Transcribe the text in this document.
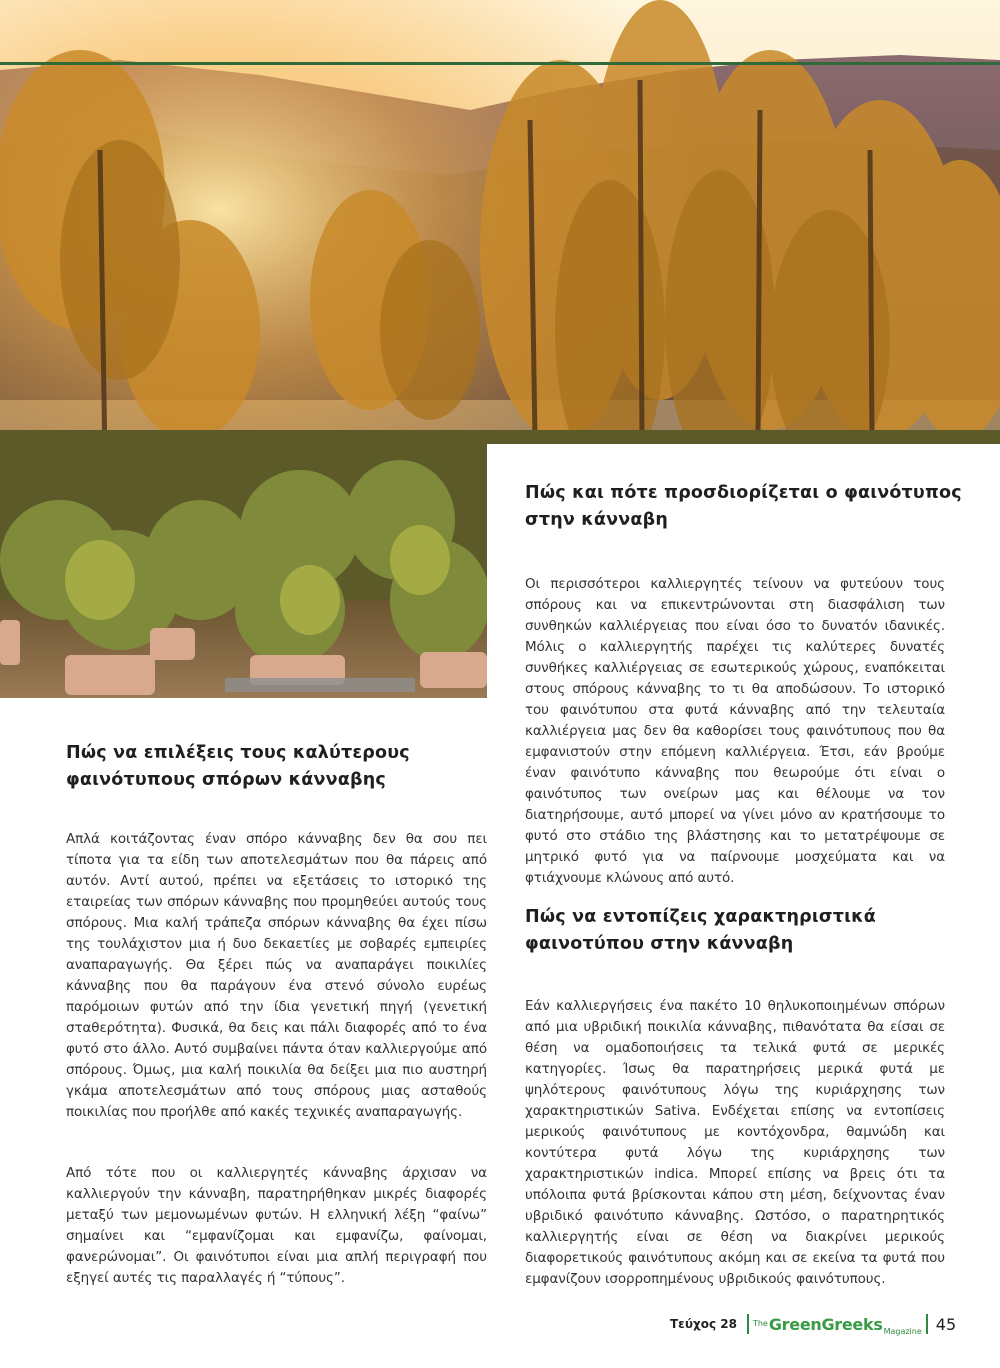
Πώς να επιλέξεις τους καλύτερους φαινότυπους σπόρων κάνναβης

Απλά κοιτάζοντας έναν σπόρο κάνναβης δεν θα σου πει τίποτα για τα είδη των αποτελεσμάτων που θα πάρεις από αυτόν. Αντί αυτού, πρέπει να εξετάσεις το ιστορικό της εταιρείας των σπόρων κάνναβης που προμηθεύει αυτούς τους σπόρους. Μια καλή τράπεζα σπόρων κάνναβης θα έχει πίσω της τουλάχιστον μια ή δυο δεκαετίες με σοβαρές εμπειρίες αναπαραγωγής. Θα ξέρει πώς να αναπαράγει ποικιλίες κάνναβης που θα παράγουν ένα στενό σύνολο ευρέως παρόμοιων φυτών από την ίδια γενετική πηγή (γενετική σταθερότητα). Φυσικά, θα δεις και πάλι διαφορές από το ένα φυτό στο άλλο. Αυτό συμβαίνει πάντα όταν καλλιεργούμε από σπόρους. Όμως, μια καλή ποικιλία θα δείξει μια πιο αυστηρή γκάμα αποτελεσμάτων από τους σπόρους μιας ασταθούς ποικιλίας που προήλθε από κακές τεχνικές αναπαραγωγής.

Από τότε που οι καλλιεργητές κάνναβης άρχισαν να καλλιεργούν την κάνναβη, παρατηρήθηκαν μικρές διαφορές μεταξύ των μεμονωμένων φυτών. Η ελληνική λέξη “φαίνω” σημαίνει και “εμφανίζομαι και εμφανίζω, φαίνομαι, φανερώνομαι”. Οι φαινότυποι είναι μια απλή περιγραφή που εξηγεί αυτές τις παραλλαγές ή “τύπους”.

Πώς και πότε προσδιορίζεται ο φαινότυπος στην κάνναβη

Οι περισσότεροι καλλιεργητές τείνουν να φυτεύουν τους σπόρους και να επικεντρώνονται στη διασφάλιση των συνθηκών καλλιέργειας που είναι όσο το δυνατόν ιδανικές. Μόλις ο καλλιεργητής παρέχει τις καλύτερες δυνατές συνθήκες καλλιέργειας σε εσωτερικούς χώρους, εναπόκειται στους σπόρους κάνναβης το τι θα αποδώσουν. Το ιστορικό του φαινότυπου στα φυτά κάνναβης από την τελευταία καλλιέργεια μας δεν θα καθορίσει τους φαινότυπους που θα εμφανιστούν στην επόμενη καλλιέργεια. Έτσι, εάν βρούμε έναν φαινότυπο κάνναβης που θεωρούμε ότι είναι ο φαινότυπος των ονείρων μας και θέλουμε να τον διατηρήσουμε, αυτό μπορεί να γίνει μόνο αν κρατήσουμε το φυτό στο στάδιο της βλάστησης και το μετατρέψουμε σε μητρικό φυτό για να παίρνουμε μοσχεύματα και να φτιάχνουμε κλώνους από αυτό.

Πώς να εντοπίζεις χαρακτηριστικά φαινοτύπου στην κάνναβη

Εάν καλλιεργήσεις ένα πακέτο 10 θηλυκοποιημένων σπόρων από μια υβριδική ποικιλία κάνναβης, πιθανότατα θα είσαι σε θέση να ομαδοποιήσεις τα τελικά φυτά σε μερικές κατηγορίες. Ίσως θα παρατηρήσεις μερικά φυτά με ψηλότερους φαινότυπους λόγω της κυριάρχησης των χαρακτηριστικών Sativa. Ενδέχεται επίσης να εντοπίσεις μερικούς φαινότυπους με κοντόχονδρα, θαμνώδη και κοντύτερα φυτά λόγω της κυριάρχησης των χαρακτηριστικών indica. Μπορεί επίσης να βρεις ότι τα υπόλοιπα φυτά βρίσκονται κάπου στη μέση, δείχνοντας έναν υβριδικό φαινότυπο κάνναβης. Ωστόσο, ο παρατηρητικός καλλιεργητής είναι σε θέση να διακρίνει μερικούς διαφορετικούς φαινότυπους ακόμη και σε εκείνα τα φυτά που εμφανίζουν ισορροπημένους υβριδικούς φαινότυπους.

Τεύχος 28 $^{The}$GreenGreeks$_{Magazine}$ 45
